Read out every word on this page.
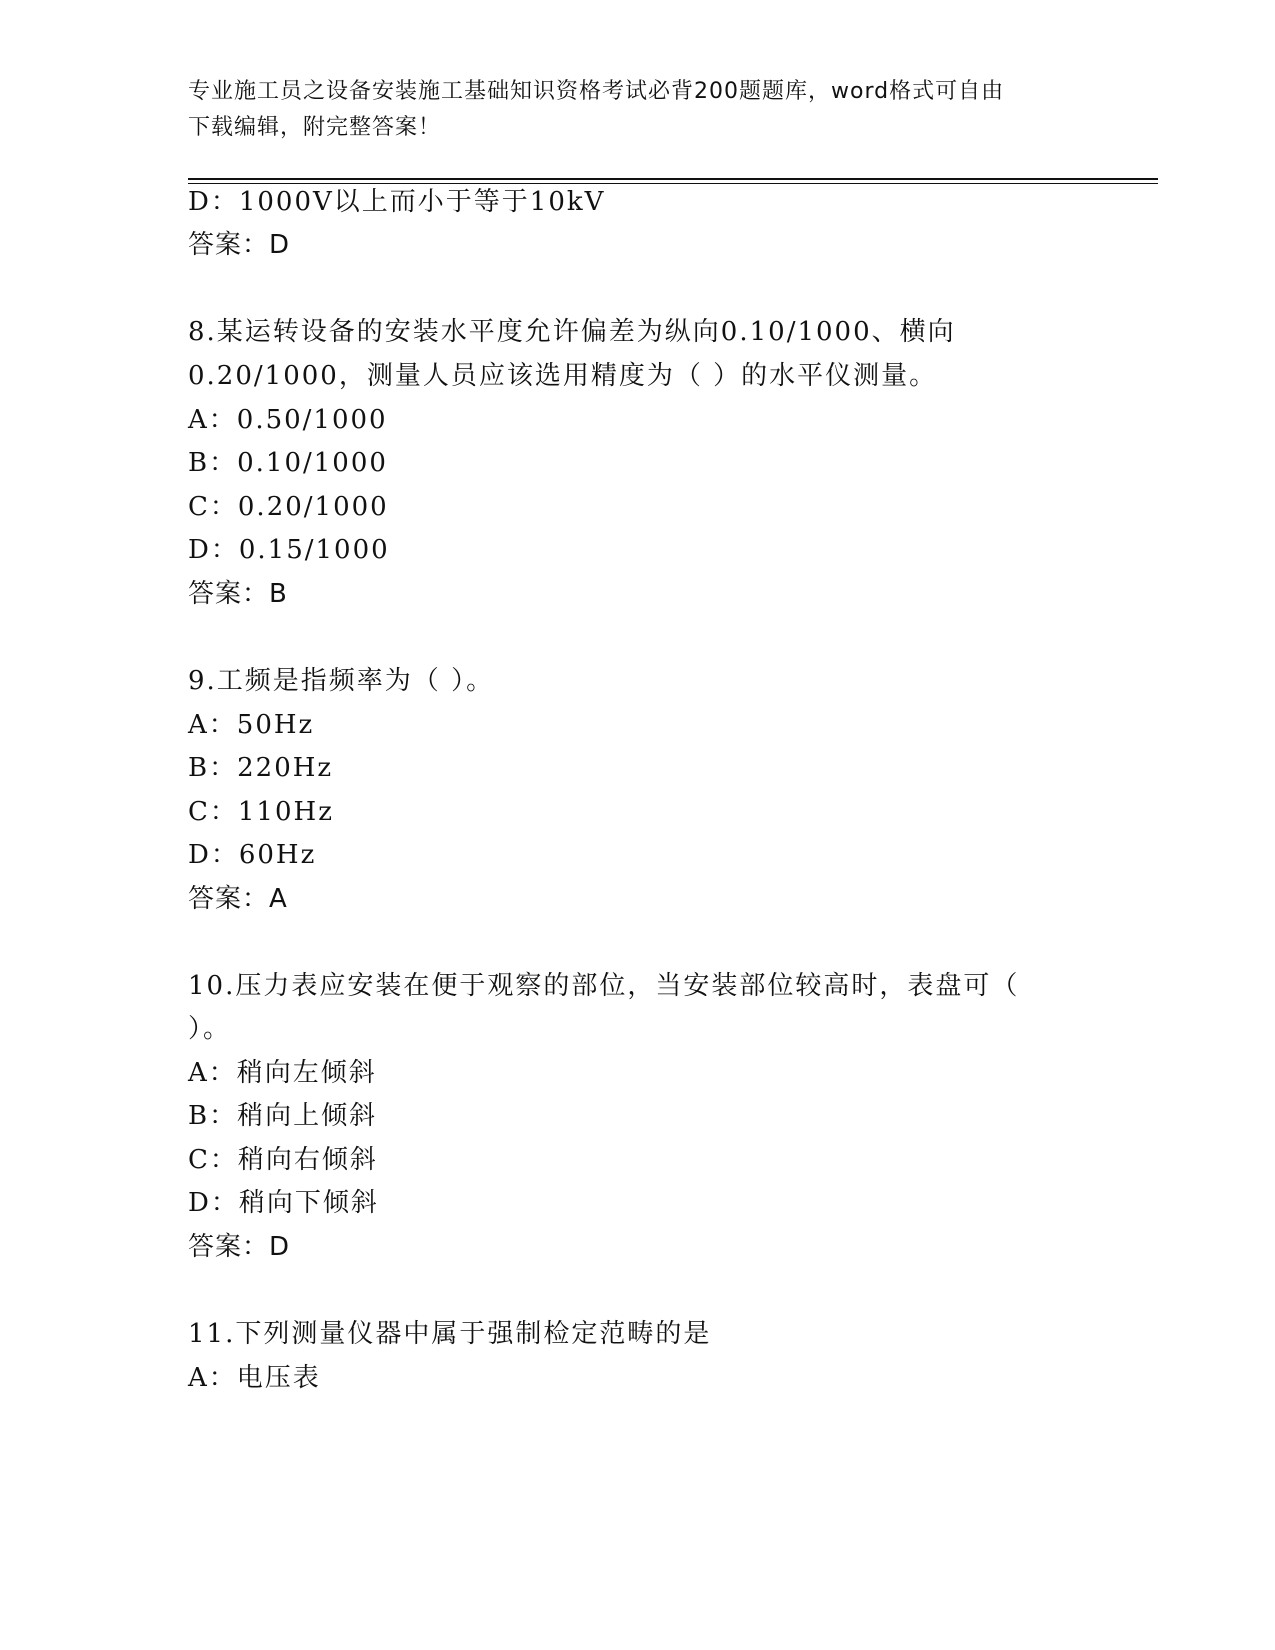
专业施工员之设备安装施工基础知识资格考试必背200题题库，word格式可自由
下载编辑，附完整答案！
D：1000V以上而小于等于10kV
答案：D
8.某运转设备的安装水平度允许偏差为纵向0.10/1000、横向
0.20/1000，测量人员应该选用精度为（ ）的水平仪测量。
A：0.50/1000
B：0.10/1000
C：0.20/1000
D：0.15/1000
答案：B
9.工频是指频率为（ ）。
A：50Hz
B：220Hz
C：110Hz
D：60Hz
答案：A
10.压力表应安装在便于观察的部位，当安装部位较高时，表盘可（
）。
A：稍向左倾斜
B：稍向上倾斜
C：稍向右倾斜
D：稍向下倾斜
答案：D
11.下列测量仪器中属于强制检定范畴的是
A：电压表
